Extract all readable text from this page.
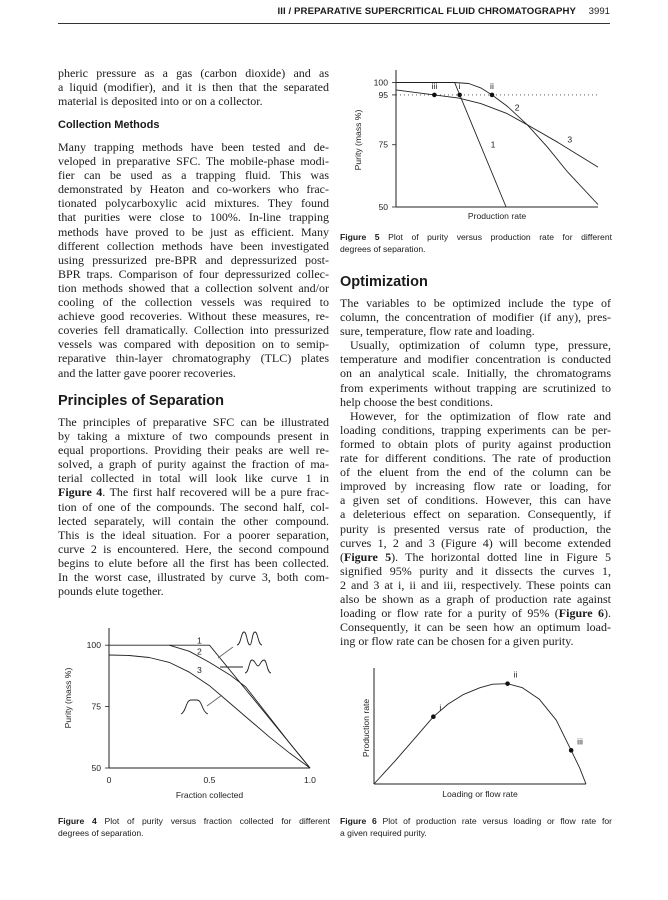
III / PREPARATIVE SUPERCRITICAL FLUID CHROMATOGRAPHY 3991
pheric pressure as a gas (carbon dioxide) and as
a liquid (modifier), and it is then that the separated
material is deposited into or on a collector.
Collection Methods
Many trapping methods have been tested and de-
veloped in preparative SFC. The mobile-phase modi-
fier can be used as a trapping fluid. This was
demonstrated by Heaton and co-workers who frac-
tionated polycarboxylic acid mixtures. They found
that purities were close to 100%. In-line trapping
methods have proved to be just as efficient. Many
different collection methods have been investigated
using pressurized pre-BPR and depressurized post-
BPR traps. Comparison of four depressurized collec-
tion methods showed that a collection solvent and/or
cooling of the collection vessels was required to
achieve good recoveries. Without these measures, re-
coveries fell dramatically. Collection into pressurized
vessels was compared with deposition on to semip-
reparative thin-layer chromatography (TLC) plates
and the latter gave poorer recoveries.
Principles of Separation
The principles of preparative SFC can be illustrated
by taking a mixture of two compounds present in
equal proportions. Providing their peaks are well re-
solved, a graph of purity against the fraction of ma-
terial collected in total will look like curve 1 in
Figure 4. The first half recovered will be a pure frac-
tion of one of the compounds. The second half, col-
lected separately, will contain the other compound.
This is the ideal situation. For a poorer separation,
curve 2 is encountered. Here, the second compound
begins to elute before all the first has been collected.
In the worst case, illustrated by curve 3, both com-
pounds elute together.
Optimization
The variables to be optimized include the type of
column, the concentration of modifier (if any), pres-
sure, temperature, flow rate and loading.
Usually, optimization of column type, pressure,
temperature and modifier concentration is conducted
on an analytical scale. Initially, the chromatograms
from experiments without trapping are scrutinized to
help choose the best conditions.
However, for the optimization of flow rate and
loading conditions, trapping experiments can be per-
formed to obtain plots of purity against production
rate for different conditions. The rate of production
of the eluent from the end of the column can be
improved by increasing flow rate or loading, for
a given set of conditions. However, this can have
a deleterious effect on separation. Consequently, if
purity is presented versus rate of production, the
curves 1, 2 and 3 (Figure 4) will become extended
(Figure 5). The horizontal dotted line in Figure 5
signified 95% purity and it dissects the curves 1,
2 and 3 at i, ii and iii, respectively. These points can
also be shown as a graph of production rate against
loading or flow rate for a purity of 95% (Figure 6).
Consequently, it can be seen how an optimum load-
ing or flow rate can be chosen for a given purity.
100
75
50
0	0.5	1.0
Fraction collected
Purity (mass %)
1
2
3
100
95
75
50
Production rate
Purity (mass %)	1
2
3
iii i	ii
Loading or flow rate
Production rate	i
ii
iii
Figure 4 Plot of purity versus fraction collected for different
degrees of separation.
Figure 5 Plot of purity versus production rate for different
degrees of separation.
Figure 6 Plot of production rate versus loading or flow rate for
a given required purity.
